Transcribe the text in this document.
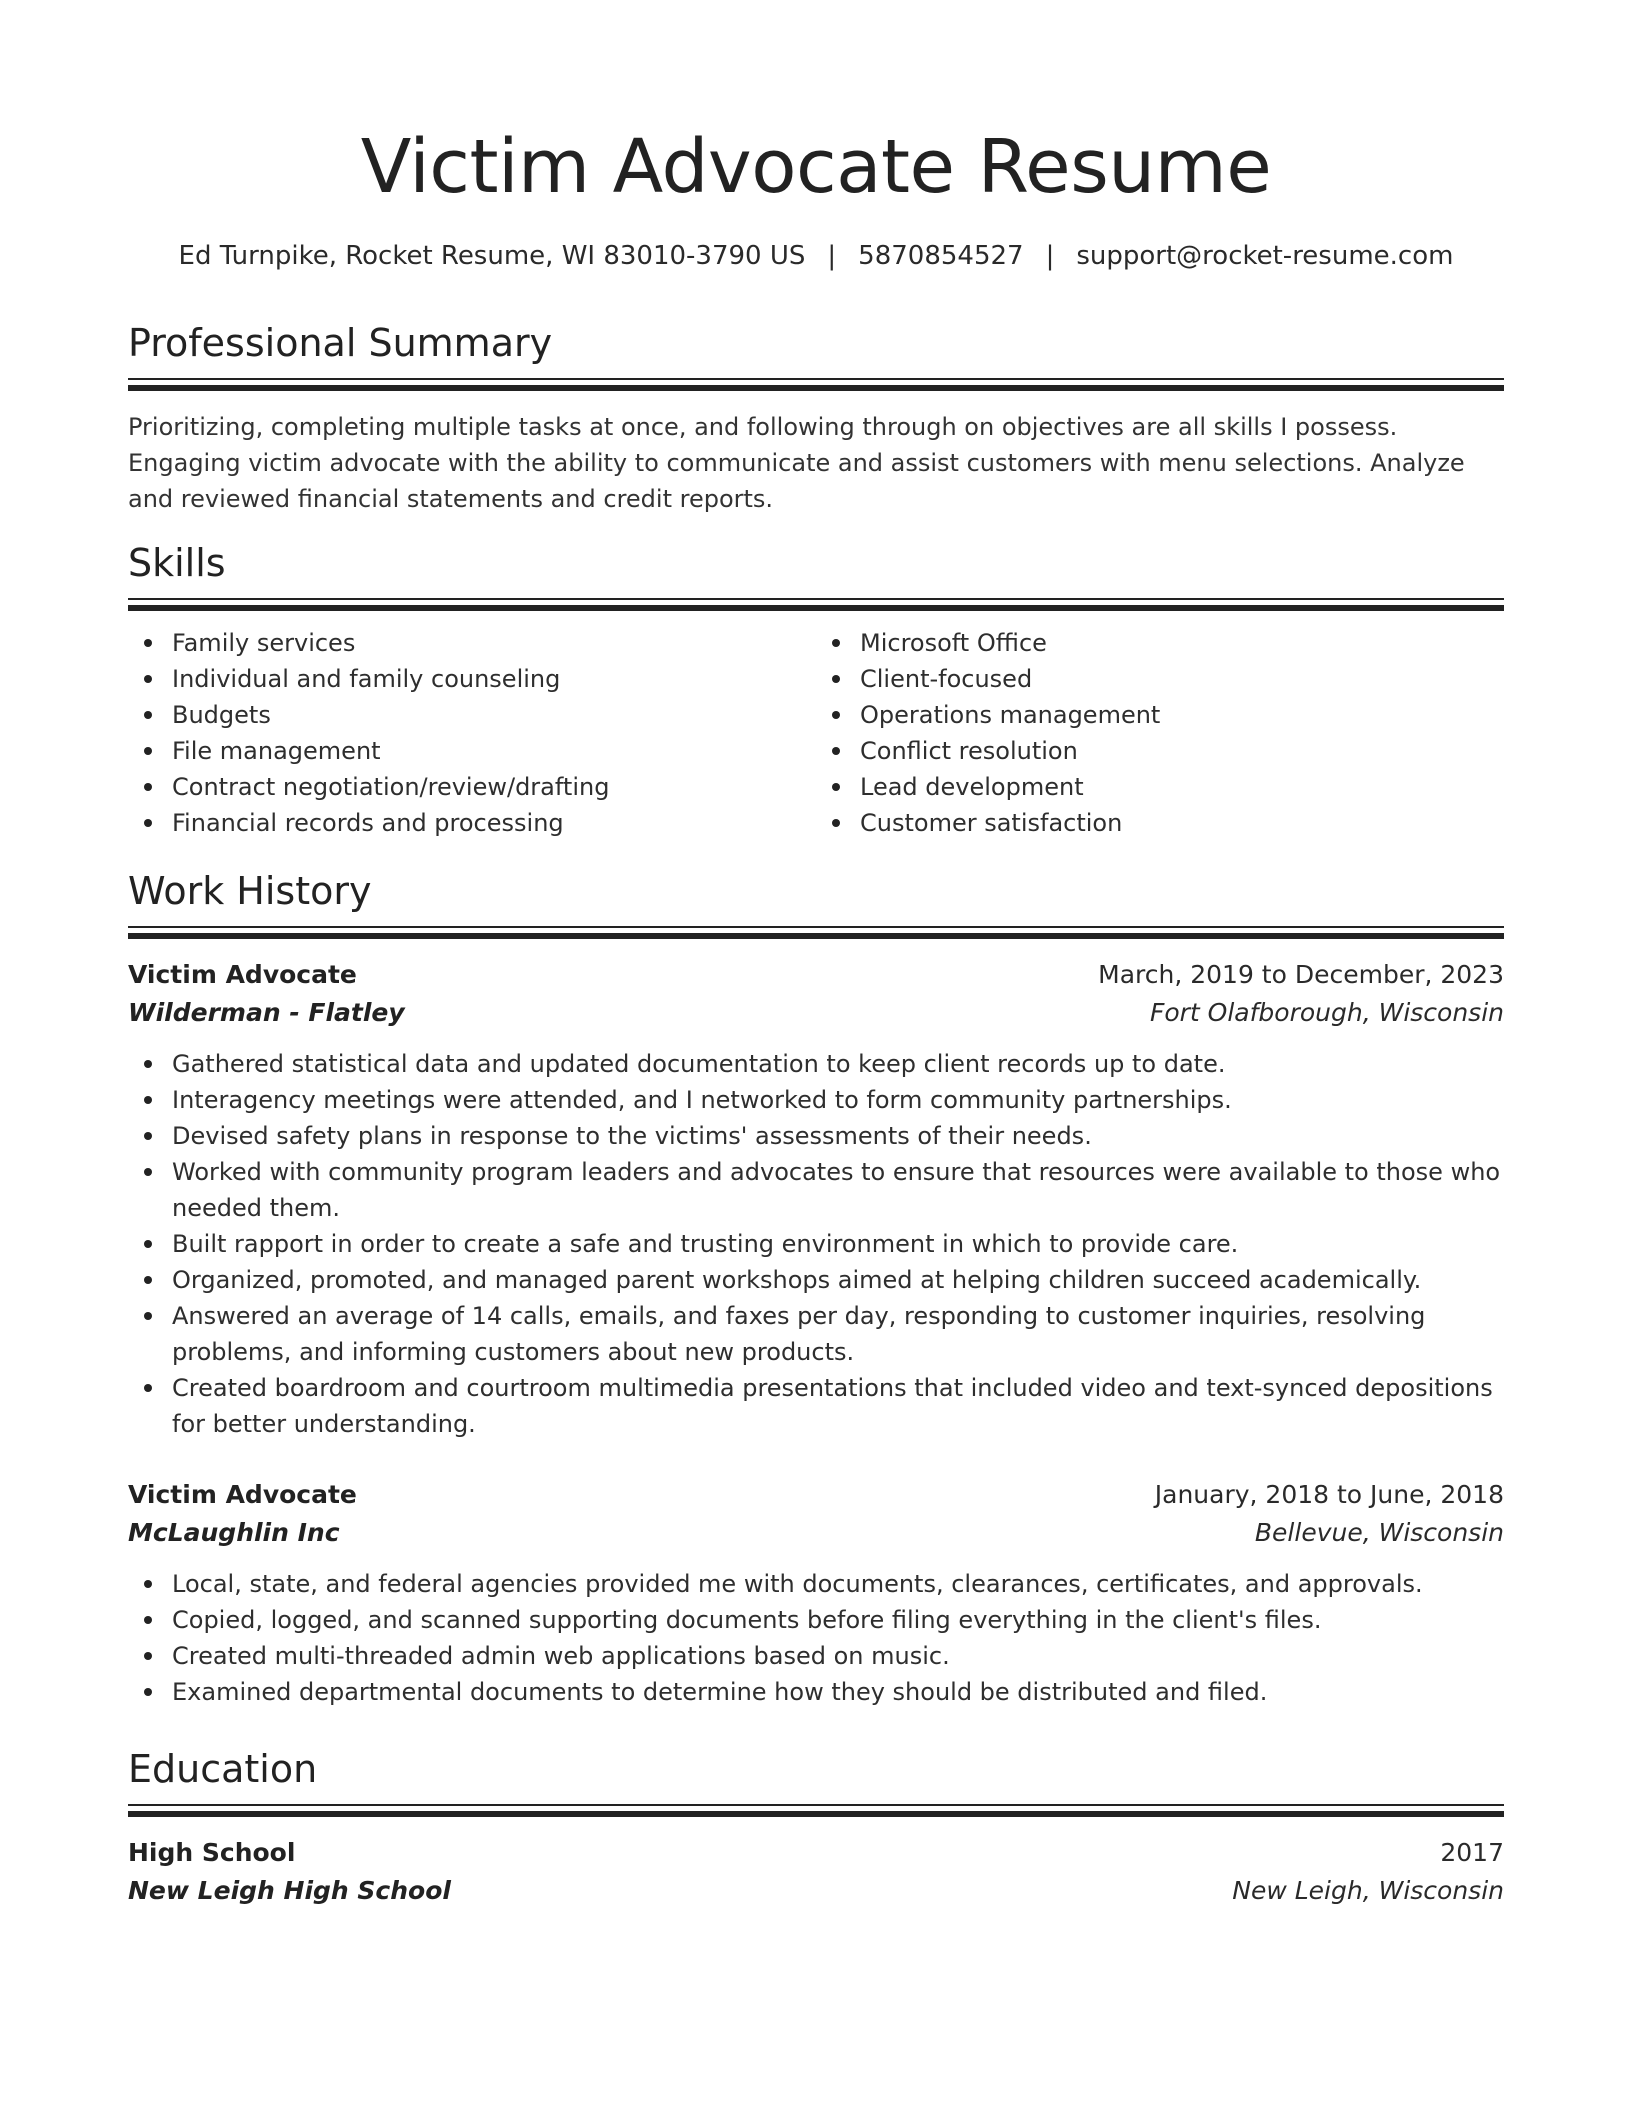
Victim Advocate Resume
Ed Turnpike, Rocket Resume, WI 83010-3790 US | 5870854527 | support@rocket-resume.com
Professional Summary

Prioritizing, completing multiple tasks at once, and following through on objectives are all skills I possess. Engaging victim advocate with the ability to communicate and assist customers with menu selections. Analyze and reviewed financial statements and credit reports.

Skills
Family services
Individual and family counseling
Budgets
File management
Contract negotiation/review/drafting
Financial records and processing
Microsoft Office
Client-focused
Operations management
Conflict resolution
Lead development
Customer satisfaction
Work History
Victim Advocate	March, 2019 to December, 2023
Wilderman - Flatley	Fort Olafborough, Wisconsin
Gathered statistical data and updated documentation to keep client records up to date.
Interagency meetings were attended, and I networked to form community partnerships.
Devised safety plans in response to the victims' assessments of their needs.
Worked with community program leaders and advocates to ensure that resources were available to those who needed them.
Built rapport in order to create a safe and trusting environment in which to provide care.
Organized, promoted, and managed parent workshops aimed at helping children succeed academically.
Answered an average of 14 calls, emails, and faxes per day, responding to customer inquiries, resolving problems, and informing customers about new products.
Created boardroom and courtroom multimedia presentations that included video and text-synced depositions for better understanding.
Victim Advocate	January, 2018 to June, 2018
McLaughlin Inc	Bellevue, Wisconsin
Local, state, and federal agencies provided me with documents, clearances, certificates, and approvals.
Copied, logged, and scanned supporting documents before filing everything in the client's files.
Created multi-threaded admin web applications based on music.
Examined departmental documents to determine how they should be distributed and filed.
Education
High School	2017
New Leigh High School	New Leigh, Wisconsin
